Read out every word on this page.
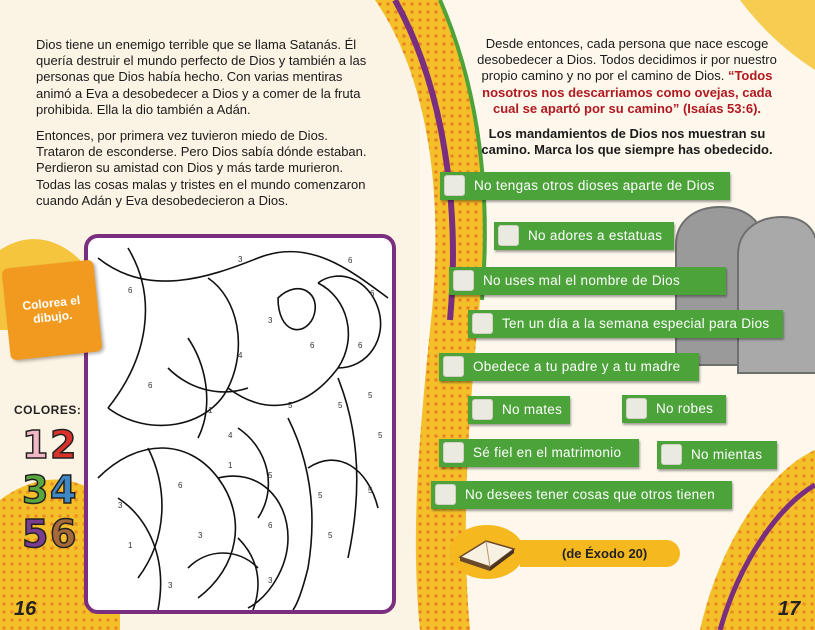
Dios tiene un enemigo terrible que se llama Satanás. Él quería destruir el mundo perfecto de Dios y también a las personas que Dios había hecho. Con varias mentiras animó a Eva a desobedecer a Dios y a comer de la fruta prohibida. Ella la dio también a Adán.

Entonces, por primera vez tuvieron miedo de Dios. Trataron de esconderse. Pero Dios sabía dónde estaban. Perdieron su amistad con Dios y más tarde murieron. Todas las cosas malas y tristes en el mundo comenzaron cuando Adán y Eva desobedecieron a Dios.

3	6
6
6
3
6
6
4
6
1
4
5	5
5
5
3
6
1
5
5
5
1
3
6
5
3
3
Colorea el dibujo.
COLORES:
1 2
3 4
5 6
16

Desde entonces, cada persona que nace escoge desobedecer a Dios. Todos decidimos ir por nuestro propio camino y no por el camino de Dios. “Todos nosotros nos descarriamos como ovejas, cada cual se apartó por su camino” (Isaías 53:6).

Los mandamientos de Dios nos muestran su camino. Marca los que siempre has obedecido.

No tengas otros dioses aparte de Dios
No adores a estatuas
No uses mal el nombre de Dios
Ten un día a la semana especial para Dios
Obedece a tu padre y a tu madre
No mates	No robes
Sé fiel en el matrimonio	No mientas
No desees tener cosas que otros tienen
(de Éxodo 20)
17
